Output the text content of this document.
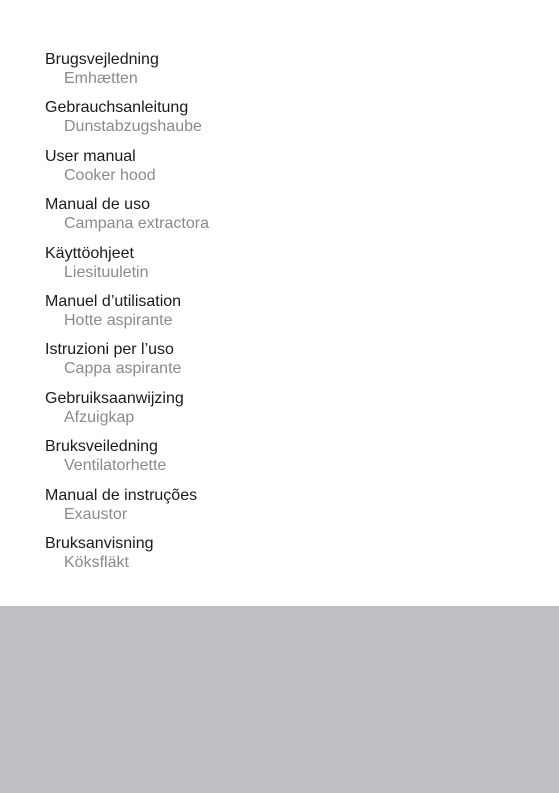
Brugsvejledning
Emhætten
Gebrauchsanleitung
Dunstabzugshaube
User manual
Cooker hood
Manual de uso
Campana extractora
Käyttöohjeet
Liesituuletin
Manuel d’utilisation
Hotte aspirante
Istruzioni per l’uso
Cappa aspirante
Gebruiksaanwijzing
Afzuigkap
Bruksveiledning
Ventilatorhette
Manual de instruções
Exaustor
Bruksanvisning
Köksfläkt
